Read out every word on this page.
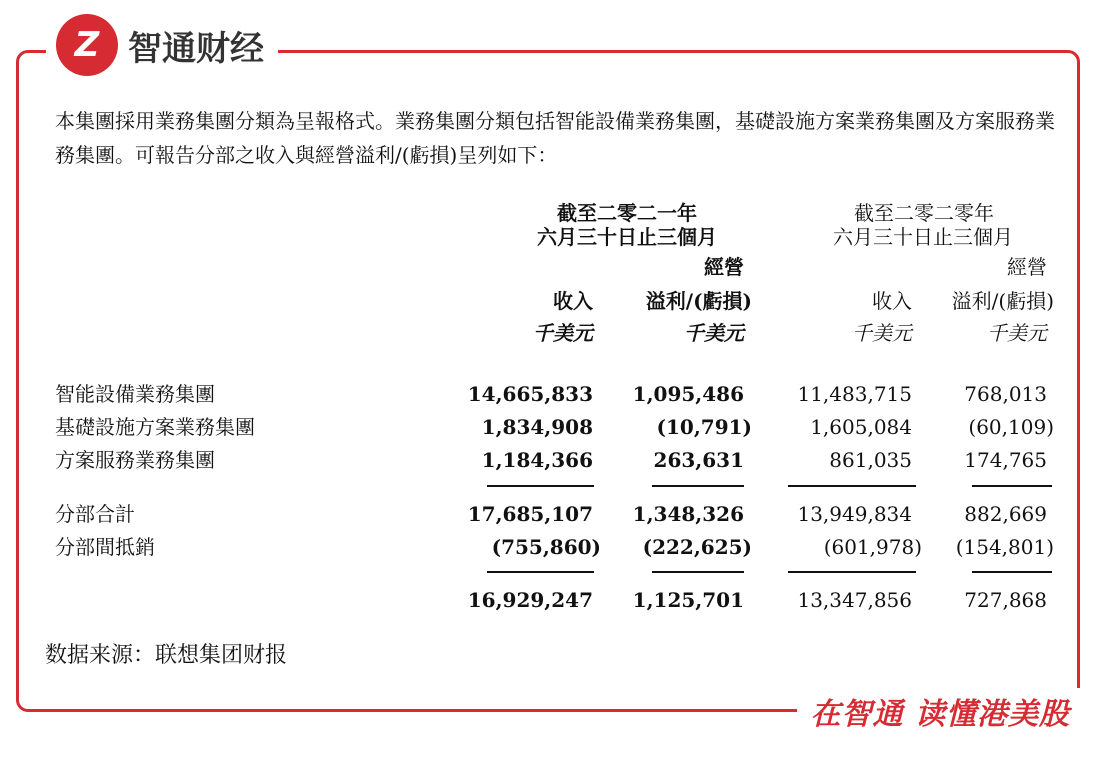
Z 智通财经
本集團採用業務集團分類為呈報格式。業務集團分類包括智能設備業務集團，基礎設施方案業務集團及方案服務業務集團。可報告分部之收入與經營溢利/(虧損)呈列如下：
截至二零二一年
六月三十日止三個月
經營
收入	溢利/(虧損)
千美元	千美元
截至二零二零年
六月三十日止三個月
經營
收入 溢利/(虧損)
千美元	千美元
智能設備業務集團	14,665,833 1,095,486	11,483,715	768,013
基礎設施方案業務集團	1,834,908	(10,791)	1,605,084	(60,109)
方案服務業務集團	1,184,366	263,631	861,035	174,765
分部合計	17,685,107 1,348,326	13,949,834	882,669
分部間抵銷	(755,860) (222,625)	(601,978) (154,801)
16,929,247 1,125,701	13,347,856	727,868
数据来源：联想集团财报
在智通 读懂港美股
